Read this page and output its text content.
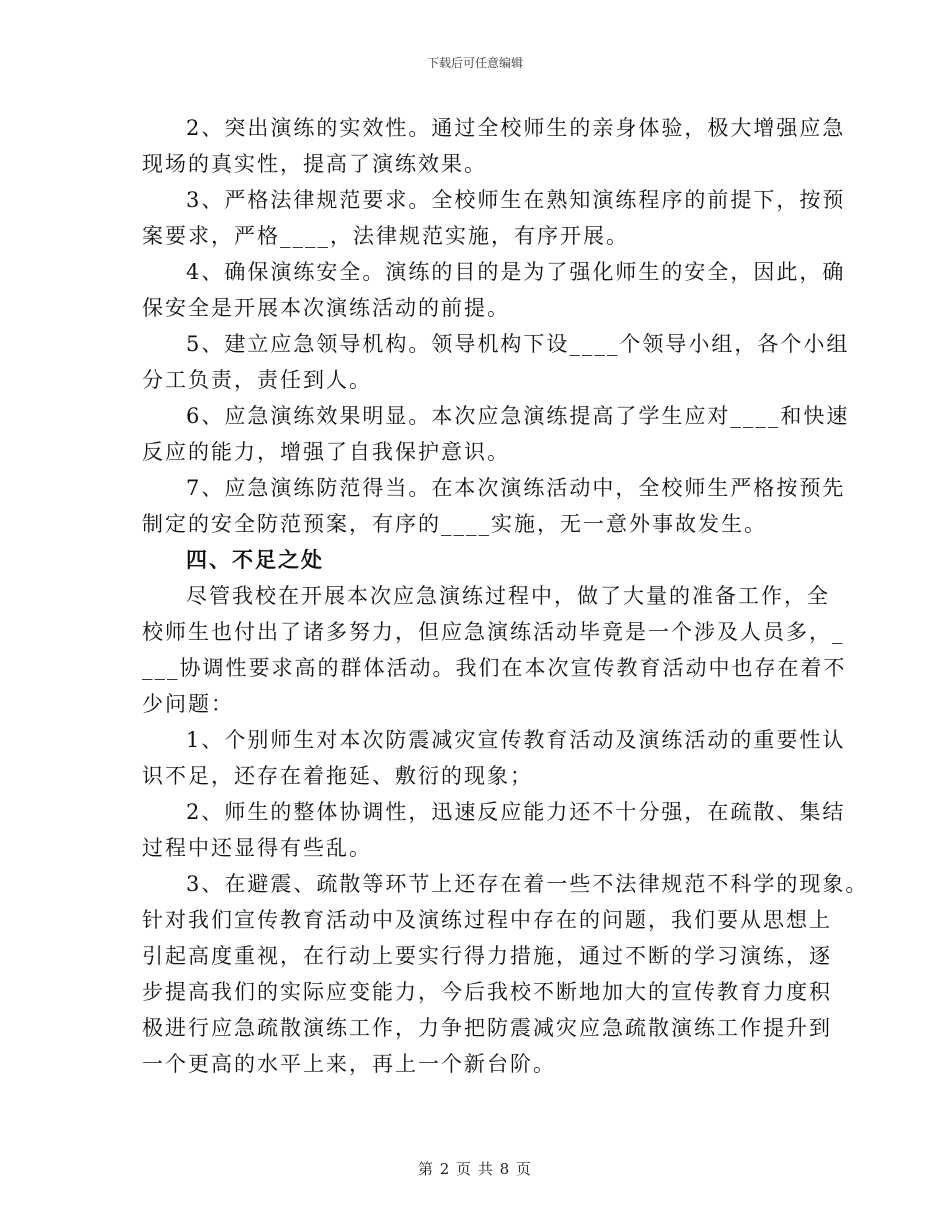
下载后可任意编辑
2、突出演练的实效性。通过全校师生的亲身体验，极大增强应急
现场的真实性，提高了演练效果。
3、严格法律规范要求。全校师生在熟知演练程序的前提下，按预
案要求，严格____，法律规范实施，有序开展。
4、确保演练安全。演练的目的是为了强化师生的安全，因此，确
保安全是开展本次演练活动的前提。
5、建立应急领导机构。领导机构下设____个领导小组，各个小组
分工负责，责任到人。
6、应急演练效果明显。本次应急演练提高了学生应对____和快速
反应的能力，增强了自我保护意识。
7、应急演练防范得当。在本次演练活动中，全校师生严格按预先
制定的安全防范预案，有序的____实施，无一意外事故发生。
四、不足之处
尽管我校在开展本次应急演练过程中，做了大量的准备工作，全
校师生也付出了诸多努力，但应急演练活动毕竟是一个涉及人员多，_
___协调性要求高的群体活动。我们在本次宣传教育活动中也存在着不
少问题：
1、个别师生对本次防震减灾宣传教育活动及演练活动的重要性认
识不足，还存在着拖延、敷衍的现象；
2、师生的整体协调性，迅速反应能力还不十分强，在疏散、集结
过程中还显得有些乱。
3、在避震、疏散等环节上还存在着一些不法律规范不科学的现象。
针对我们宣传教育活动中及演练过程中存在的问题，我们要从思想上
引起高度重视，在行动上要实行得力措施，通过不断的学习演练，逐
步提高我们的实际应变能力，今后我校不断地加大的宣传教育力度积
极进行应急疏散演练工作，力争把防震减灾应急疏散演练工作提升到
一个更高的水平上来，再上一个新台阶。
第 2 页 共 8 页
